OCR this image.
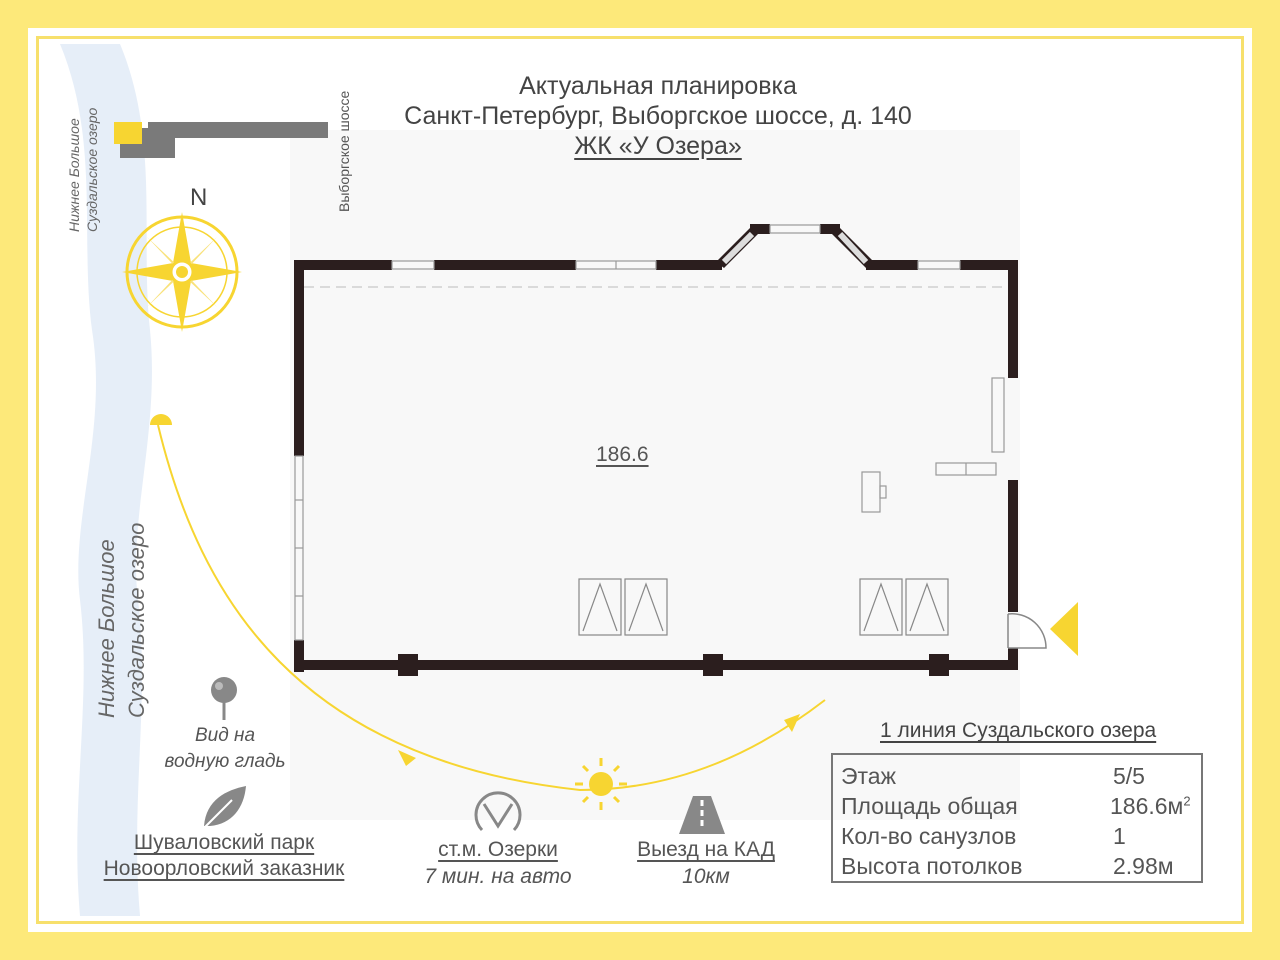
Нижнее Большое Суздальское озеро	Выборгское шоссе
Нижнее Большое Суздальское озеро
Актуальная планировка
Санкт-Петербург, Выборгское шоссе, д. 140
ЖК «У Озера»
N
186.6
Вид на
водную гладь
Шуваловский парк
Новоорловский заказник
ст.м. Озерки
7 мин. на авто
Выезд на КАД
10км
1 линия Суздальского озера
Этаж	5/5
Площадь общая	$186.6м^2$
Кол-во санузлов	1
Высота потолков	2.98м
